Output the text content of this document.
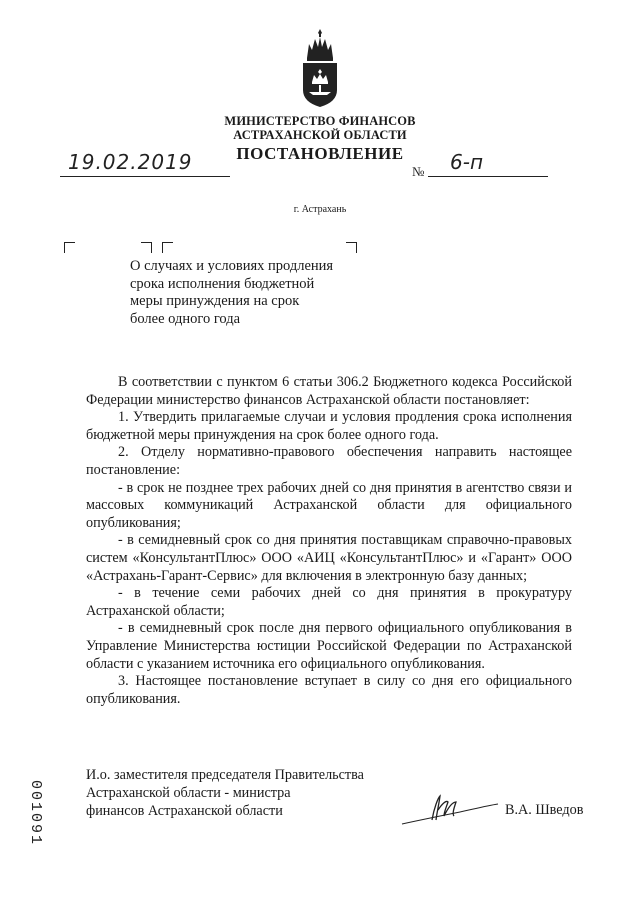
МИНИСТЕРСТВО ФИНАНСОВ
АСТРАХАНСКОЙ ОБЛАСТИ
ПОСТАНОВЛЕНИЕ
19.02.2019	№ 6-п
г. Астрахань
О случаях и условиях продления
срока исполнения бюджетной
меры принуждения на срок
более одного года

В соответствии с пунктом 6 статьи 306.2 Бюджетного кодекса Российской Федерации министерство финансов Астраханской области постановляет:

1. Утвердить прилагаемые случаи и условия продления срока исполнения бюджетной меры принуждения на срок более одного года.

2. Отделу нормативно-правового обеспечения направить настоящее постановление:

- в срок не позднее трех рабочих дней со дня принятия в агентство связи и массовых коммуникаций Астраханской области для официального опубликования;

- в семидневный срок со дня принятия поставщикам справочно-правовых систем «КонсультантПлюс» ООО «АИЦ «КонсультантПлюс» и «Гарант» ООО «Астрахань-Гарант-Сервис» для включения в электронную базу данных;

- в течение семи рабочих дней со дня принятия в прокуратуру Астраханской области;

- в семидневный срок после дня первого официального опубликования в Управление Министерства юстиции Российской Федерации по Астраханской области с указанием источника его официального опубликования.

3. Настоящее постановление вступает в силу со дня его официального опубликования.

И.о. заместителя председателя Правительства
Астраханской области - министра
финансов Астраханской области	В.А. Шведов
001091
